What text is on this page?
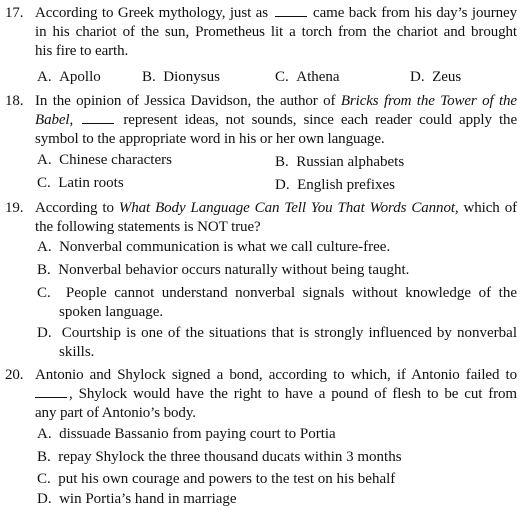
17. According to Greek mythology, just as	came back from his day’s journey
in his chariot of the sun, Prometheus lit a torch from the chariot and brought
his fire to earth.
A. Apollo	B. Dionysus	C. Athena	D. Zeus
18. In the opinion of Jessica Davidson, the author of Bricks from the Tower of the
Babel,	represent ideas, not sounds, since each reader could apply the
symbol to the appropriate word in his or her own language.
A. Chinese characters	B. Russian alphabets
C. Latin roots	D. English prefixes
19. According to What Body Language Can Tell You That Words Cannot, which of
the following statements is NOT true?
A. Nonverbal communication is what we call culture-free.
B. Nonverbal behavior occurs naturally without being taught.
C. People cannot understand nonverbal signals without knowledge of the
spoken language.
D. Courtship is one of the situations that is strongly influenced by nonverbal
skills.
20. Antonio and Shylock signed a bond, according to which, if Antonio failed to
, Shylock would have the right to have a pound of flesh to be cut from
any part of Antonio’s body.
A. dissuade Bassanio from paying court to Portia
B. repay Shylock the three thousand ducats within 3 months
C. put his own courage and powers to the test on his behalf
D. win Portia’s hand in marriage
